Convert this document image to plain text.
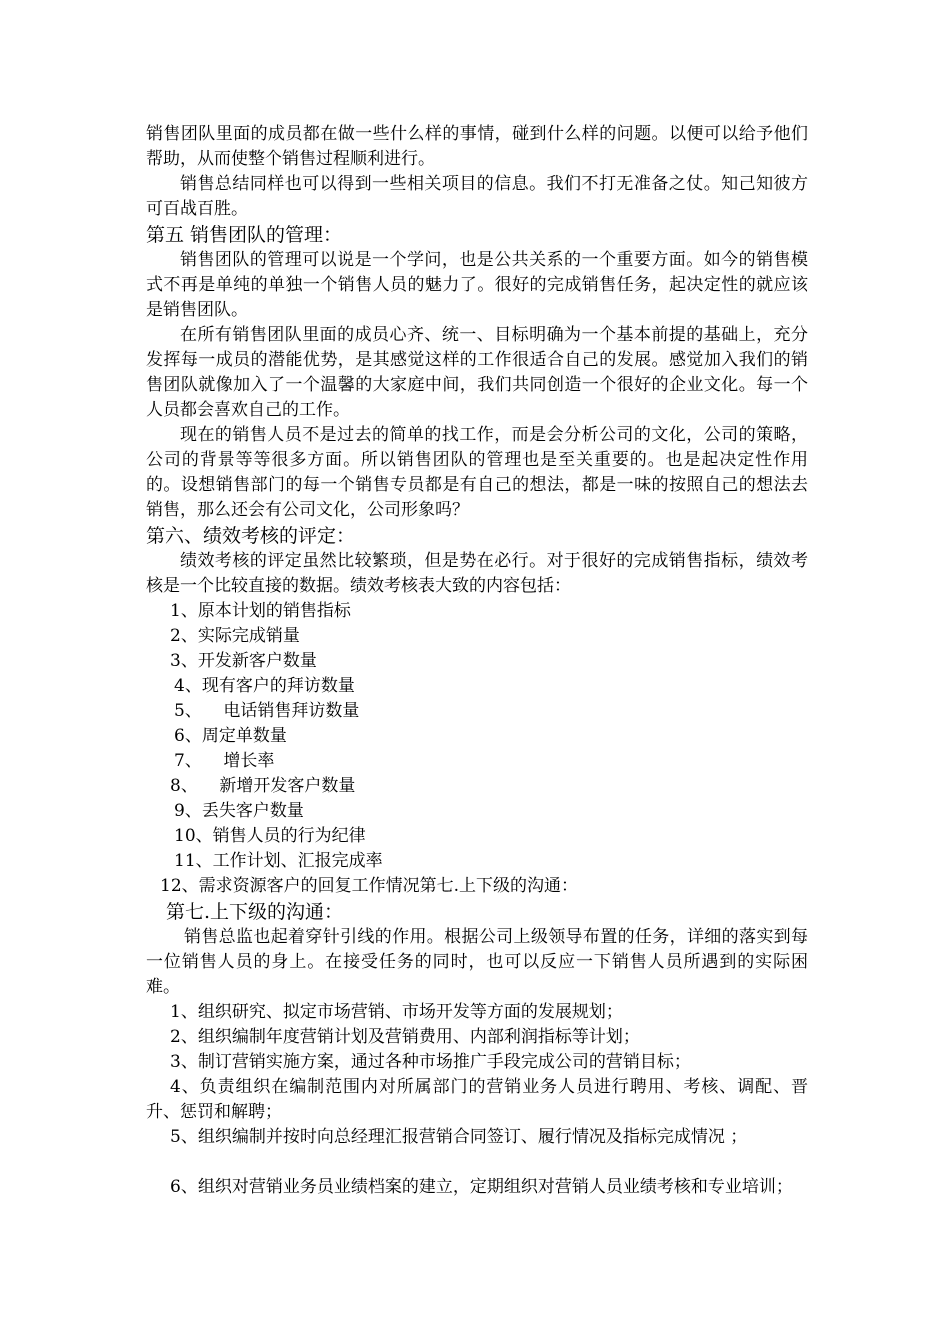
销售团队里面的成员都在做一些什么样的事情，碰到什么样的问题。以便可以给予他们帮助，从而使整个销售过程顺利进行。

销售总结同样也可以得到一些相关项目的信息。我们不打无准备之仗。知己知彼方可百战百胜。

第五 销售团队的管理：

销售团队的管理可以说是一个学问，也是公共关系的一个重要方面。如今的销售模式不再是单纯的单独一个销售人员的魅力了。很好的完成销售任务，起决定性的就应该是销售团队。

在所有销售团队里面的成员心齐、统一、目标明确为一个基本前提的基础上，充分发挥每一成员的潜能优势，是其感觉这样的工作很适合自己的发展。感觉加入我们的销售团队就像加入了一个温馨的大家庭中间，我们共同创造一个很好的企业文化。每一个人员都会喜欢自己的工作。

现在的销售人员不是过去的简单的找工作，而是会分析公司的文化，公司的策略，公司的背景等等很多方面。所以销售团队的管理也是至关重要的。也是起决定性作用的。设想销售部门的每一个销售专员都是有自己的想法，都是一味的按照自己的想法去销售，那么还会有公司文化，公司形象吗？

第六、绩效考核的评定：

绩效考核的评定虽然比较繁琐，但是势在必行。对于很好的完成销售指标，绩效考核是一个比较直接的数据。绩效考核表大致的内容包括：

1、原本计划的销售指标

2、实际完成销量

3、开发新客户数量

4、现有客户的拜访数量

5、    电话销售拜访数量

6、周定单数量

7、    增长率

8、    新增开发客户数量

9、丢失客户数量

10、销售人员的行为纪律

11、工作计划、汇报完成率

12、需求资源客户的回复工作情况第七.上下级的沟通：

第七.上下级的沟通：

销售总监也起着穿针引线的作用。根据公司上级领导布置的任务，详细的落实到每一位销售人员的身上。在接受任务的同时，也可以反应一下销售人员所遇到的实际困难。

1、组织研究、拟定市场营销、市场开发等方面的发展规划；

2、组织编制年度营销计划及营销费用、内部利润指标等计划；

3、制订营销实施方案，通过各种市场推广手段完成公司的营销目标；

4、负责组织在编制范围内对所属部门的营销业务人员进行聘用、考核、调配、晋升、惩罚和解聘；

5、组织编制并按时向总经理汇报营销合同签订、履行情况及指标完成情况 ；

6、组织对营销业务员业绩档案的建立，定期组织对营销人员业绩考核和专业培训；
